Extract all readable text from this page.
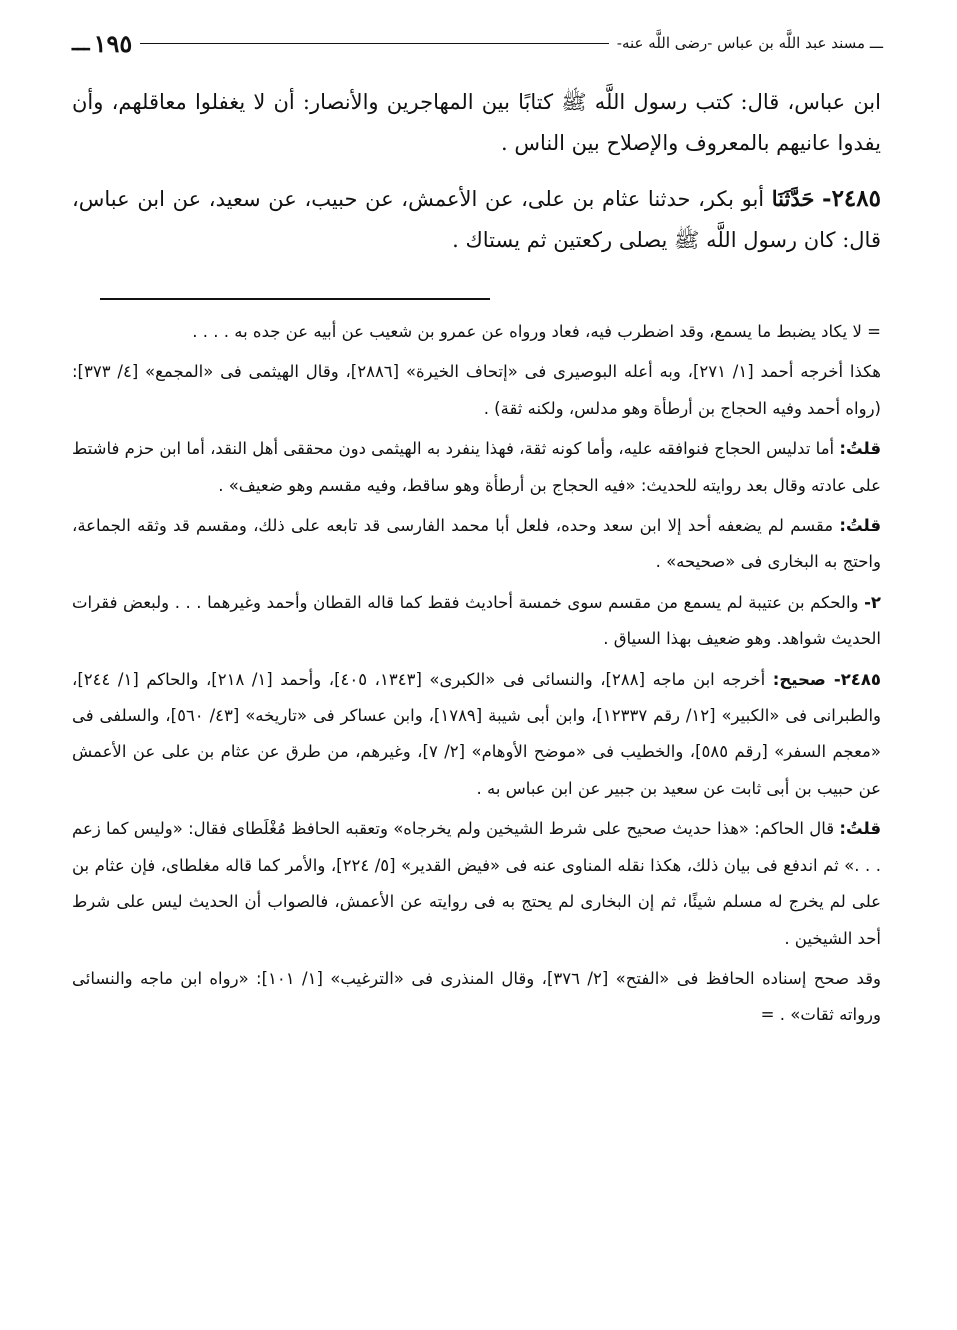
ـــ مسند عبد اللَّه بن عباس -رضى اللَّه عنه-
١٩٥
ـــ

ابن عباس، قال: كتب رسول اللَّه ﷺ كتابًا بين المهاجرين والأنصار: أن لا يغفلوا معاقلهم، وأن يفدوا عانيهم بالمعروف والإصلاح بين الناس .

٢٤٨٥- حَدَّثَنَا أبو بكر، حدثنا عثام بن على، عن الأعمش، عن حبيب، عن سعيد، عن ابن عباس، قال: كان رسول اللَّه ﷺ يصلى ركعتين ثم يستاك .

= لا يكاد يضبط ما يسمع، وقد اضطرب فيه، فعاد ورواه عن عمرو بن شعيب عن أبيه عن جده به . . . .

هكذا أخرجه أحمد [١/ ٢٧١]، وبه أعله البوصيرى فى «إتحاف الخيرة» [٢٨٨٦]، وقال الهيثمى فى «المجمع» [٤/ ٣٧٣]: (رواه أحمد وفيه الحجاج بن أرطأة وهو مدلس، ولكنه ثقة) .

قلتُ: أما تدليس الحجاج فنوافقه عليه، وأما كونه ثقة، فهذا ينفرد به الهيثمى دون محققى أهل النقد، أما ابن حزم فاشتط على عادته وقال بعد روايته للحديث: «فيه الحجاج بن أرطأة وهو ساقط، وفيه مقسم وهو ضعيف» .

قلتُ: مقسم لم يضعفه أحد إلا ابن سعد وحده، فلعل أبا محمد الفارسى قد تابعه على ذلك، ومقسم قد وثقه الجماعة، واحتج به البخارى فى «صحيحه» .

٢- والحكم بن عتيبة لم يسمع من مقسم سوى خمسة أحاديث فقط كما قاله القطان وأحمد وغيرهما . . . ولبعض فقرات الحديث شواهد. وهو ضعيف بهذا السياق .

٢٤٨٥- صحيح: أخرجه ابن ماجه [٢٨٨]، والنسائى فى «الكبرى» [١٣٤٣، ٤٠٥]، وأحمد [١/ ٢١٨]، والحاكم [١/ ٢٤٤]، والطبرانى فى «الكبير» [١٢/ رقم ١٢٣٣٧]، وابن أبى شيبة [١٧٨٩]، وابن عساكر فى «تاريخه» [٤٣/ ٥٦٠]، والسلفى فى «معجم السفر» [رقم ٥٨٥]، والخطيب فى «موضح الأوهام» [٢/ ٧]، وغيرهم، من طرق عن عثام بن على عن الأعمش عن حبيب بن أبى ثابت عن سعيد بن جبير عن ابن عباس به .

قلتُ: قال الحاكم: «هذا حديث صحيح على شرط الشيخين ولم يخرجاه» وتعقبه الحافظ مُغْلَطاى فقال: «وليس كما زعم . . .» ثم اندفع فى بيان ذلك، هكذا نقله المناوى عنه فى «فيض القدير» [٥/ ٢٢٤]، والأمر كما قاله مغلطاى، فإن عثام بن على لم يخرج له مسلم شيئًا، ثم إن البخارى لم يحتج به فى روايته عن الأعمش، فالصواب أن الحديث ليس على شرط أحد الشيخين .

وقد صحح إسناده الحافظ فى «الفتح» [٢/ ٣٧٦]، وقال المنذرى فى «الترغيب» [١/ ١٠١]: «رواه ابن ماجه والنسائى ورواته ثقات» . =
